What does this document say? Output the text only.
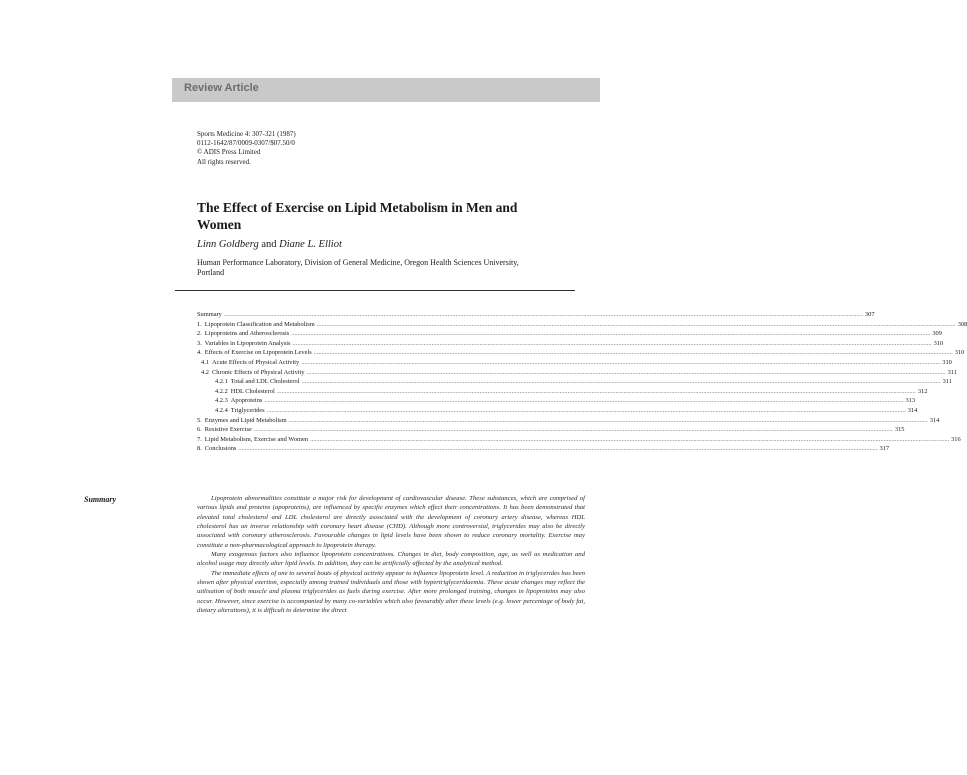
Review Article
Sports Medicine 4: 307-321 (1987)
0112-1642/87/0009-0307/$07.50/0
© ADIS Press Limited
All rights reserved.
The Effect of Exercise on Lipid Metabolism in Men and Women
Linn Goldberg and Diane L. Elliot
Human Performance Laboratory, Division of General Medicine, Oregon Health Sciences University, Portland
Summary ................................................................................................................................................................................................................................................................................................................................................................................................................ 307
1. Lipoprotein Classification and Metabolism ................................................................................................................................................................................................................................................................................................................................................................................................................ 308
2. Lipoproteins and Atherosclerosis ................................................................................................................................................................................................................................................................................................................................................................................................................ 309
3. Variables in Lipoprotein Analysis ................................................................................................................................................................................................................................................................................................................................................................................................................ 310
4. Effects of Exercise on Lipoprotein Levels ................................................................................................................................................................................................................................................................................................................................................................................................................ 310
4.1 Acute Effects of Physical Activity ................................................................................................................................................................................................................................................................................................................................................................................................................ 310
4.2 Chronic Effects of Physical Activity ................................................................................................................................................................................................................................................................................................................................................................................................................ 311
4.2.1 Total and LDL Cholesterol ................................................................................................................................................................................................................................................................................................................................................................................................................ 311
4.2.2 HDL Cholesterol ................................................................................................................................................................................................................................................................................................................................................................................................................ 312
4.2.3 Apoproteins ................................................................................................................................................................................................................................................................................................................................................................................................................ 313
4.2.4 Triglycerides ................................................................................................................................................................................................................................................................................................................................................................................................................ 314
5. Enzymes and Lipid Metabolism ................................................................................................................................................................................................................................................................................................................................................................................................................ 314
6. Resistive Exercise ................................................................................................................................................................................................................................................................................................................................................................................................................ 315
7. Lipid Metabolism, Exercise and Women ................................................................................................................................................................................................................................................................................................................................................................................................................ 316
8. Conclusions ................................................................................................................................................................................................................................................................................................................................................................................................................ 317
Summary	Lipoprotein abnormalities constitute a major risk for development of cardiovascular disease. These substances, which are comprised of various lipids and proteins (apoproteins), are influenced by specific enzymes which effect their concentrations. It has been demonstrated that elevated total cholesterol and LDL cholesterol are directly associated with the development of coronary artery disease, whereas HDL cholesterol has an inverse relationship with coronary heart disease (CHD). Although more controversial, triglycerides may also be directly associated with coronary atherosclerosis. Favourable changes in lipid levels have been shown to reduce coronary mortality. Exercise may constitute a non-pharmacological approach to lipoprotein therapy.

Many exogenous factors also influence lipoprotein concentrations. Changes in diet, body composition, age, as well as medication and alcohol usage may directly alter lipid levels. In addition, they can be artificially affected by the analytical method.

The immediate effects of one to several bouts of physical activity appear to influence lipoprotein level. A reduction in triglycerides has been shown after physical exertion, especially among trained individuals and those with hypertriglyceridaemia. These acute changes may reflect the utilisation of both muscle and plasma triglycerides as fuels during exercise. After more prolonged training, changes in lipoproteins may also occur. However, since exercise is accompanied by many co-variables which also favourably alter these levels (e.g. lower percentage of body fat, dietary alterations), it is difficult to determine the direct
